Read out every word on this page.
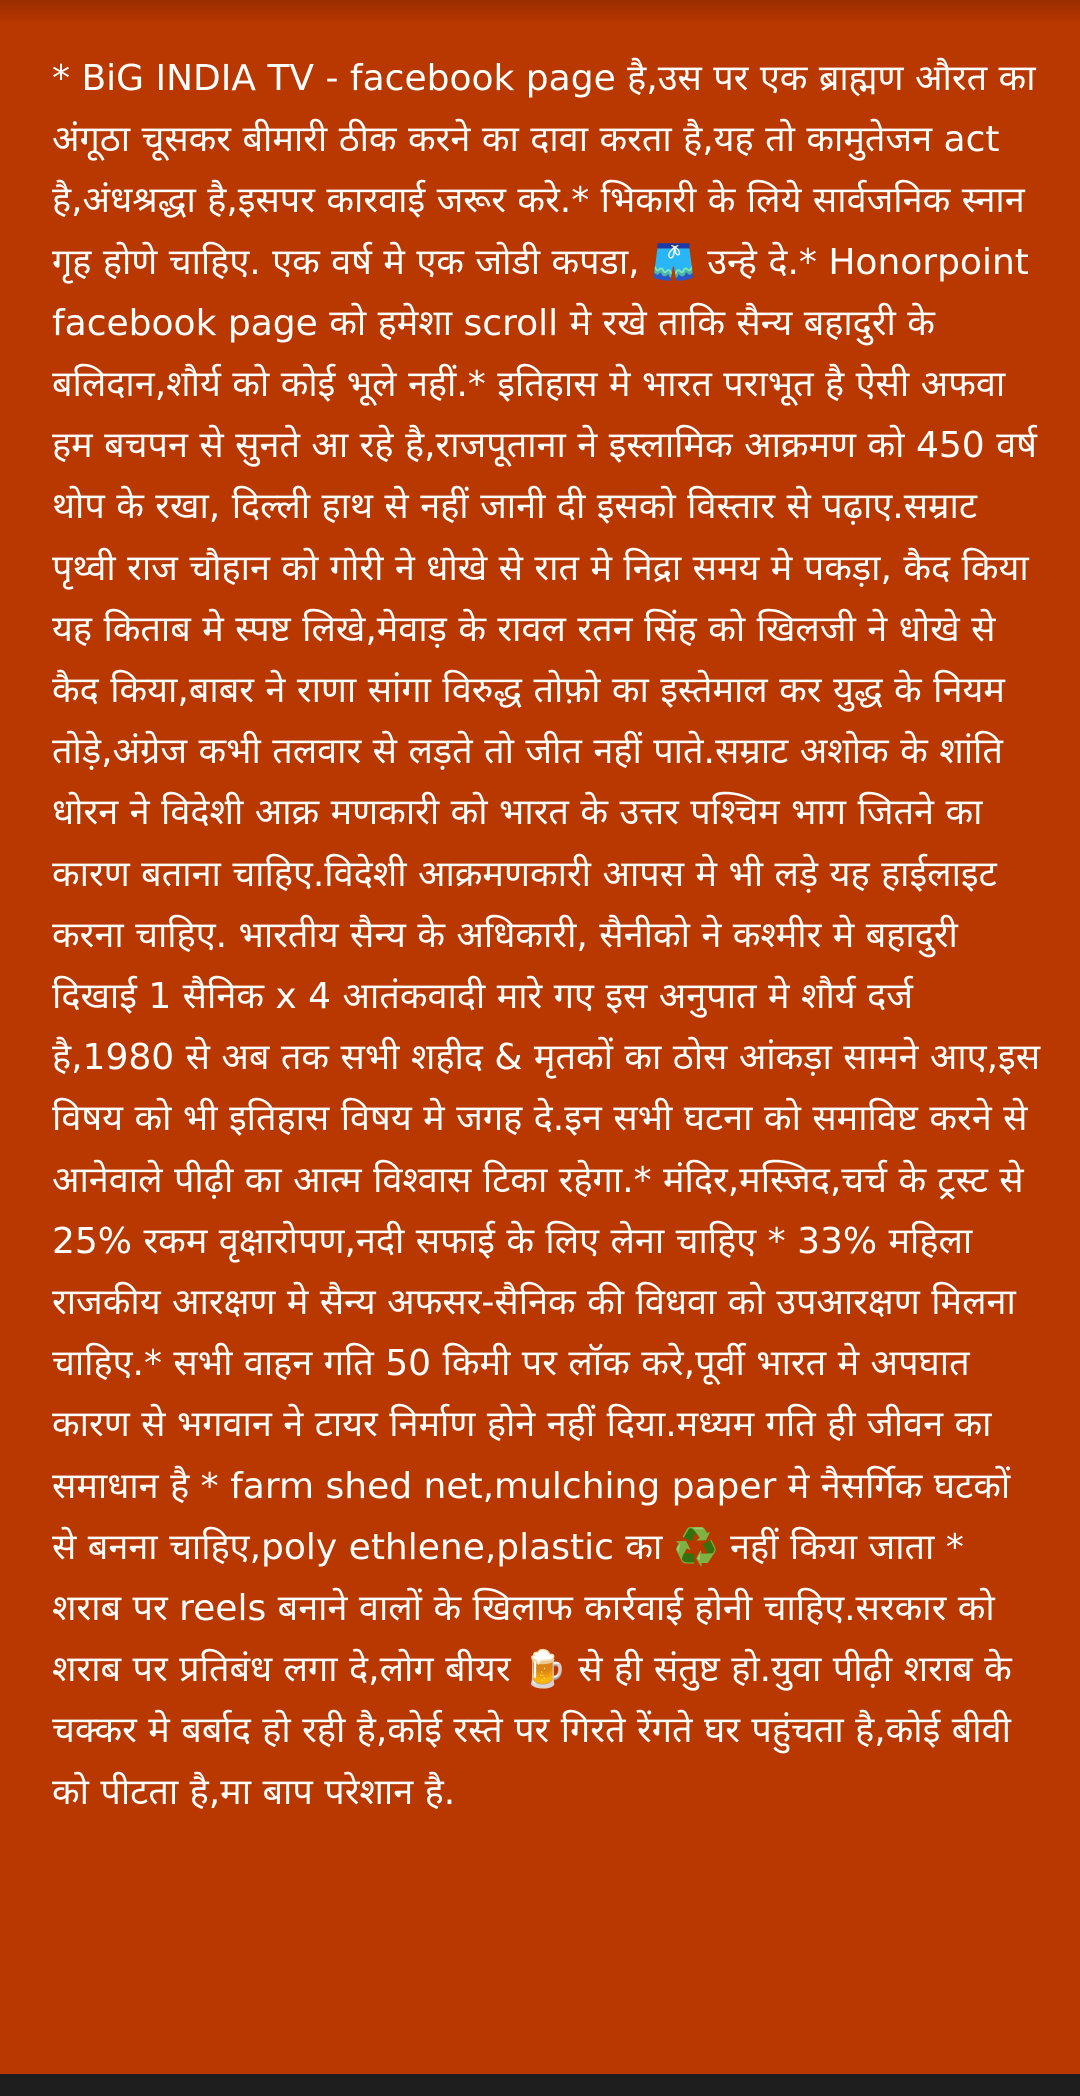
* BiG INDIA TV - facebook page है,उस पर एक ब्राह्मण औरत का अंगूठा चूसकर बीमारी ठीक करने का दावा करता है,यह तो कामुतेजन act है,अंधश्रद्धा है,इसपर कारवाई जरूर करे.* भिकारी के लिये सार्वजनिक स्नान गृह होणे चाहिए. एक वर्ष मे एक जोडी कपडा, 🩳 उन्हे दे.* Honorpoint facebook page को हमेशा scroll मे रखे ताकि सैन्य बहादुरी के बलिदान,शौर्य को कोई भूले नहीं.* इतिहास मे भारत पराभूत है ऐसी अफवा हम बचपन से सुनते आ रहे है,राजपूताना ने इस्लामिक आक्रमण को 450 वर्ष थोप के रखा, दिल्ली हाथ से नहीं जानी दी इसको विस्तार से पढ़ाए.सम्राट पृथ्वी राज चौहान को गोरी ने धोखे से रात मे निद्रा समय मे पकड़ा, कैद किया यह किताब मे स्पष्ट लिखे,मेवाड़ के रावल रतन सिंह को खिलजी ने धोखे से कैद किया,बाबर ने राणा सांगा विरुद्ध तोफ़ो का इस्तेमाल कर युद्ध के नियम तोड़े,अंग्रेज कभी तलवार से लड़ते तो जीत नहीं पाते.सम्राट अशोक के शांति धोरन ने विदेशी आक्र मणकारी को भारत के उत्तर पश्चिम भाग जितने का कारण बताना चाहिए.विदेशी आक्रमणकारी आपस मे भी लड़े यह हाईलाइट करना चाहिए. भारतीय सैन्य के अधिकारी, सैनीको ने कश्मीर मे बहादुरी दिखाई 1 सैनिक x 4 आतंकवादी मारे गए इस अनुपात मे शौर्य दर्ज है,1980 से अब तक सभी शहीद & मृतकों का ठोस आंकड़ा सामने आए,इस विषय को भी इतिहास विषय मे जगह दे.इन सभी घटना को समाविष्ट करने से आनेवाले पीढ़ी का आत्म विश्वास टिका रहेगा.* मंदिर,मस्जिद,चर्च के ट्रस्ट से 25% रकम वृक्षारोपण,नदी सफाई के लिए लेना चाहिए * 33% महिला राजकीय आरक्षण मे सैन्य अफसर-सैनिक की विधवा को उपआरक्षण मिलना चाहिए.* सभी वाहन गति 50 किमी पर लॉक करे,पूर्वी भारत मे अपघात कारण से भगवान ने टायर निर्माण होने नहीं दिया.मध्यम गति ही जीवन का समाधान है * farm shed net,mulching paper मे नैसर्गिक घटकों से बनना चाहिए,poly ethlene,plastic का ♻️ नहीं किया जाता * शराब पर reels बनाने वालों के खिलाफ कार्रवाई होनी चाहिए.सरकार को शराब पर प्रतिबंध लगा दे,लोग बीयर 🍺 से ही संतुष्ट हो.युवा पीढ़ी शराब के चक्कर मे बर्बाद हो रही है,कोई रस्ते पर गिरते रेंगते घर पहुंचता है,कोई बीवी को पीटता है,मा बाप परेशान है.
